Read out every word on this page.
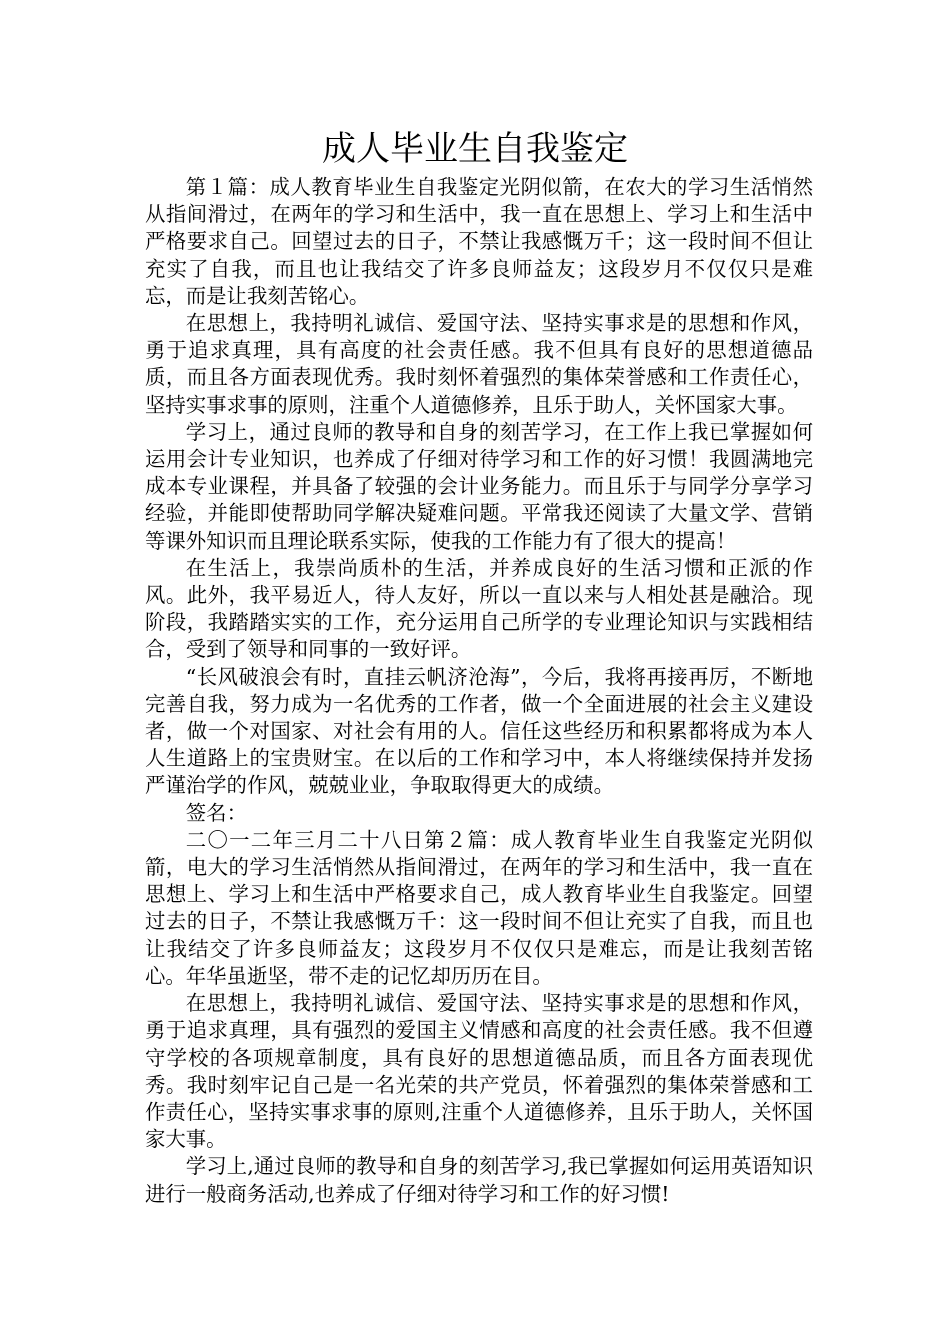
成人毕业生自我鉴定

第１篇：成人教育毕业生自我鉴定光阴似箭，在农大的学习生活悄然从指间滑过，在两年的学习和生活中，我一直在思想上、学习上和生活中严格要求自己。回望过去的日子，不禁让我感慨万千；这一段时间不但让充实了自我，而且也让我结交了许多良师益友；这段岁月不仅仅只是难忘，而是让我刻苦铭心。

在思想上，我持明礼诚信、爱国守法、坚持实事求是的思想和作风，勇于追求真理，具有高度的社会责任感。我不但具有良好的思想道德品质，而且各方面表现优秀。我时刻怀着强烈的集体荣誉感和工作责任心，坚持实事求事的原则，注重个人道德修养，且乐于助人，关怀国家大事。

学习上，通过良师的教导和自身的刻苦学习，在工作上我已掌握如何运用会计专业知识，也养成了仔细对待学习和工作的好习惯！我圆满地完成本专业课程，并具备了较强的会计业务能力。而且乐于与同学分享学习经验，并能即使帮助同学解决疑难问题。平常我还阅读了大量文学、营销等课外知识而且理论联系实际，使我的工作能力有了很大的提高！

在生活上，我崇尚质朴的生活，并养成良好的生活习惯和正派的作风。此外，我平易近人，待人友好，所以一直以来与人相处甚是融洽。现阶段，我踏踏实实的工作，充分运用自己所学的专业理论知识与实践相结合，受到了领导和同事的一致好评。

“长风破浪会有时，直挂云帆济沧海”，今后，我将再接再厉，不断地完善自我，努力成为一名优秀的工作者，做一个全面进展的社会主义建设者，做一个对国家、对社会有用的人。信任这些经历和积累都将成为本人人生道路上的宝贵财宝。在以后的工作和学习中，本人将继续保持并发扬严谨治学的作风，兢兢业业，争取取得更大的成绩。

签名：

二〇一二年三月二十八日第２篇：成人教育毕业生自我鉴定光阴似箭，电大的学习生活悄然从指间滑过，在两年的学习和生活中，我一直在思想上、学习上和生活中严格要求自己，成人教育毕业生自我鉴定。回望过去的日子，不禁让我感慨万千：这一段时间不但让充实了自我，而且也让我结交了许多良师益友；这段岁月不仅仅只是难忘，而是让我刻苦铭心。年华虽逝坚，带不走的记忆却历历在目。

在思想上，我持明礼诚信、爱国守法、坚持实事求是的思想和作风，勇于追求真理，具有强烈的爱国主义情感和高度的社会责任感。我不但遵守学校的各项规章制度，具有良好的思想道德品质，而且各方面表现优秀。我时刻牢记自己是一名光荣的共产党员，怀着强烈的集体荣誉感和工作责任心，坚持实事求事的原则,注重个人道德修养，且乐于助人，关怀国家大事。

学习上,通过良师的教导和自身的刻苦学习,我已掌握如何运用英语知识进行一般商务活动,也养成了仔细对待学习和工作的好习惯!
